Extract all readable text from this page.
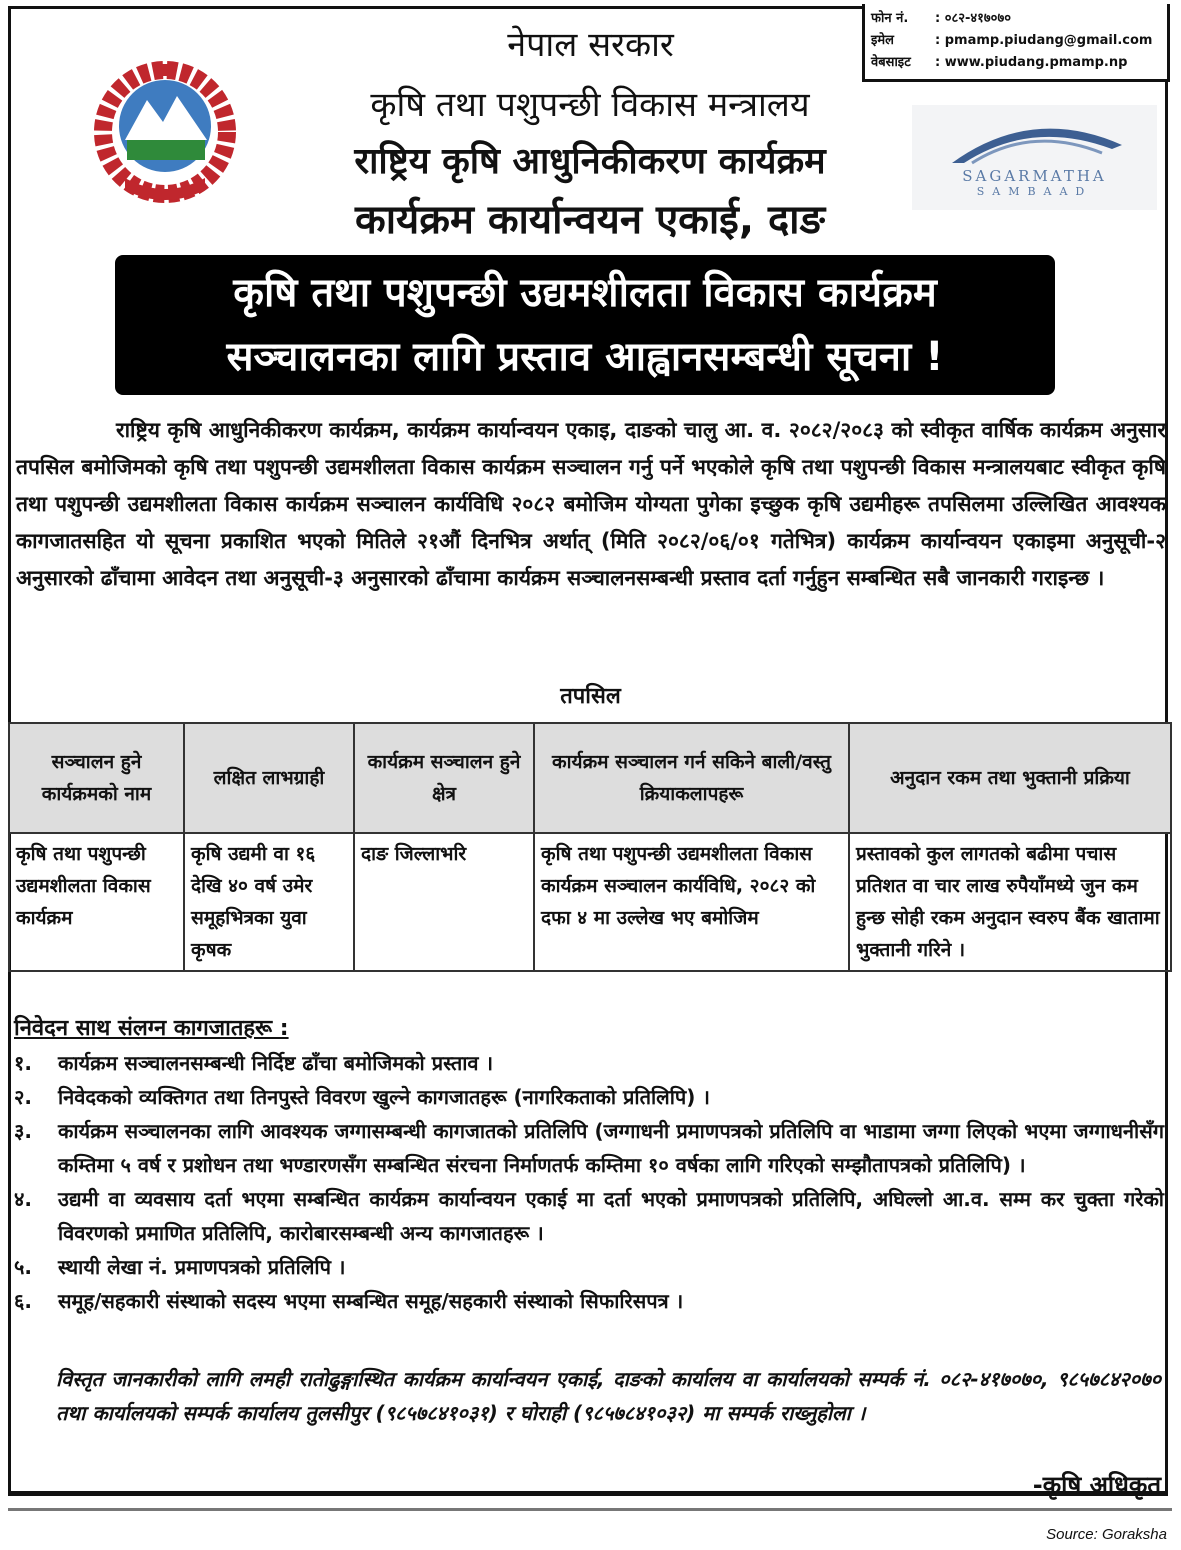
नेपाल सरकार
कृषि तथा पशुपन्छी विकास मन्त्रालय
राष्ट्रिय कृषि आधुनिकीकरण कार्यक्रम
कार्यक्रम कार्यान्वयन एकाई, दाङ
फोन नं. : ०८२-४१७०७०
इमेल	: pmamp.piudang@gmail.com
वेबसाइट : www.piudang.pmamp.np
SAGARMATHA
SAMBAAD
कृषि तथा पशुपन्छी उद्यमशीलता विकास कार्यक्रम
सञ्चालनका लागि प्रस्ताव आह्वानसम्बन्धी सूचना !
राष्ट्रिय कृषि आधुनिकीकरण कार्यक्रम, कार्यक्रम कार्यान्वयन एकाइ, दाङको चालु आ. व. २०८२/२०८३ को स्वीकृत वार्षिक कार्यक्रम अनुसार तपसिल बमोजिमको कृषि तथा पशुपन्छी उद्यमशीलता विकास कार्यक्रम सञ्चालन गर्नु पर्ने भएकोले कृषि तथा पशुपन्छी विकास मन्त्रालयबाट स्वीकृत कृषि तथा पशुपन्छी उद्यमशीलता विकास कार्यक्रम सञ्चालन कार्यविधि २०८२ बमोजिम योग्यता पुगेका इच्छुक कृषि उद्यमीहरू तपसिलमा उल्लिखित आवश्यक कागजातसहित यो सूचना प्रकाशित भएको मितिले २१औं दिनभित्र अर्थात् (मिति २०८२/०६/०१ गतेभित्र) कार्यक्रम कार्यान्वयन एकाइमा अनुसूची-२ अनुसारको ढाँचामा आवेदन तथा अनुसूची-३ अनुसारको ढाँचामा कार्यक्रम सञ्चालनसम्बन्धी प्रस्ताव दर्ता गर्नुहुन सम्बन्धित सबै जानकारी गराइन्छ ।
तपसिल
सञ्चालन हुने कार्यक्रमको नाम	लक्षित लाभग्राही	कार्यक्रम सञ्चालन हुने क्षेत्र	कार्यक्रम सञ्चालन गर्न सकिने बाली/वस्तु क्रियाकलापहरू	अनुदान रकम तथा भुक्तानी प्रक्रिया
कृषि तथा पशुपन्छी उद्यमशीलता विकास कार्यक्रम	कृषि उद्यमी वा १६ देखि ४० वर्ष उमेर समूहभित्रका युवा कृषक	दाङ जिल्लाभरि	कृषि तथा पशुपन्छी उद्यमशीलता विकास कार्यक्रम सञ्चालन कार्यविधि, २०८२ को दफा ४ मा उल्लेख भए बमोजिम	प्रस्तावको कुल लागतको बढीमा पचास प्रतिशत वा चार लाख रुपैयाँमध्ये जुन कम हुन्छ सोही रकम अनुदान स्वरुप बैंक खातामा भुक्तानी गरिने ।
निवेदन साथ संलग्न कागजातहरू :
१.	कार्यक्रम सञ्चालनसम्बन्धी निर्दिष्ट ढाँचा बमोजिमको प्रस्ताव ।
२.	निवेदकको व्यक्तिगत तथा तिनपुस्ते विवरण खुल्ने कागजातहरू (नागरिकताको प्रतिलिपि) ।
३.	कार्यक्रम सञ्चालनका लागि आवश्यक जग्गासम्बन्धी कागजातको प्रतिलिपि (जग्गाधनी प्रमाणपत्रको प्रतिलिपि वा भाडामा जग्गा लिएको भएमा जग्गाधनीसँग कम्तिमा ५ वर्ष र प्रशोधन तथा भण्डारणसँग सम्बन्धित संरचना निर्माणतर्फ कम्तिमा १० वर्षका लागि गरिएको सम्झौतापत्रको प्रतिलिपि) ।
४.	उद्यमी वा व्यवसाय दर्ता भएमा सम्बन्धित कार्यक्रम कार्यान्वयन एकाई मा दर्ता भएको प्रमाणपत्रको प्रतिलिपि, अघिल्लो आ.व. सम्म कर चुक्ता गरेको विवरणको प्रमाणित प्रतिलिपि, कारोबारसम्बन्धी अन्य कागजातहरू ।
५.	स्थायी लेखा नं. प्रमाणपत्रको प्रतिलिपि ।
६.	समूह/सहकारी संस्थाको सदस्य भएमा सम्बन्धित समूह/सहकारी संस्थाको सिफारिसपत्र ।
विस्तृत जानकारीको लागि लमही रातोढुङ्गास्थित कार्यक्रम कार्यान्वयन एकाई, दाङको कार्यालय वा कार्यालयको सम्पर्क नं. ०८२-४१७०७०, ९८५७८४२०७० तथा कार्यालयको सम्पर्क कार्यालय तुलसीपुर (९८५७८४१०३१) र घोराही (९८५७८४१०३२) मा सम्पर्क राख्नुहोला ।
-कृषि अधिकृत
Source: Goraksha
